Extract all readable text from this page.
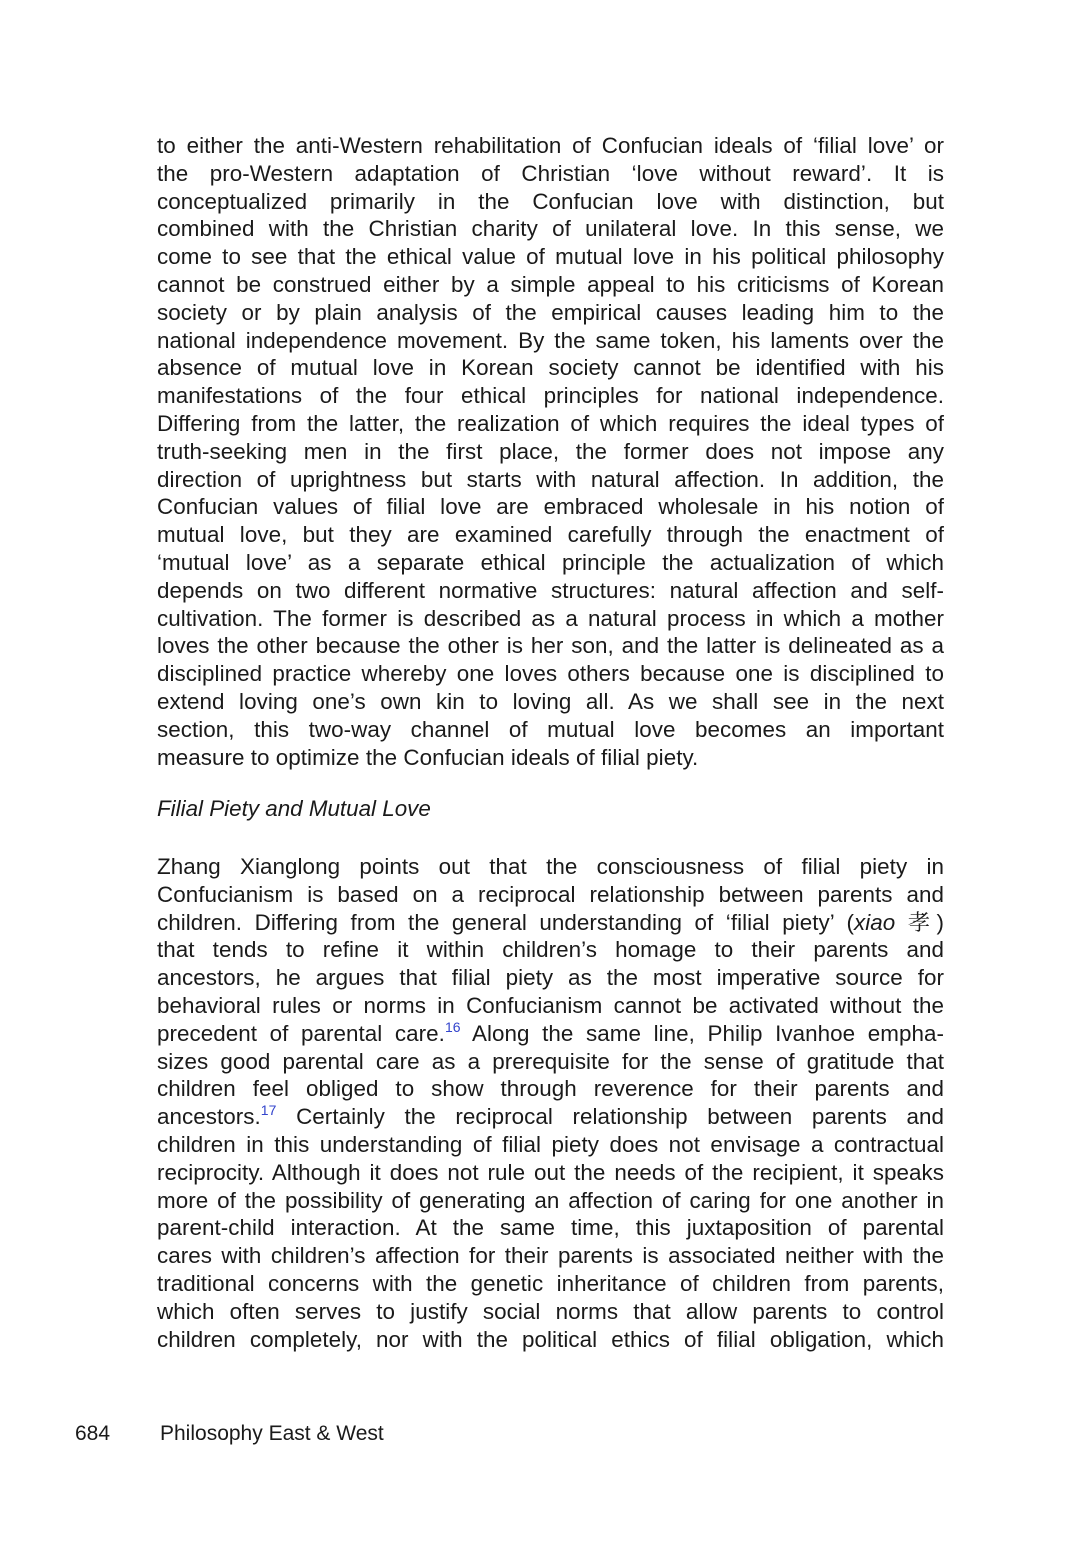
to either the anti-Western rehabilitation of Confucian ideals of ‘filial love’ or
the pro-Western adaptation of Christian ‘love without reward’. It is
conceptualized primarily in the Confucian love with distinction, but
combined with the Christian charity of unilateral love. In this sense, we
come to see that the ethical value of mutual love in his political philosophy
cannot be construed either by a simple appeal to his criticisms of Korean
society or by plain analysis of the empirical causes leading him to the
national independence movement. By the same token, his laments over the
absence of mutual love in Korean society cannot be identified with his
manifestations of the four ethical principles for national independence.
Differing from the latter, the realization of which requires the ideal types of
truth-seeking men in the first place, the former does not impose any
direction of uprightness but starts with natural affection. In addition, the
Confucian values of filial love are embraced wholesale in his notion of
mutual love, but they are examined carefully through the enactment of
‘mutual love’ as a separate ethical principle the actualization of which
depends on two different normative structures: natural affection and self-
cultivation. The former is described as a natural process in which a mother
loves the other because the other is her son, and the latter is delineated as a
disciplined practice whereby one loves others because one is disciplined to
extend loving one’s own kin to loving all. As we shall see in the next
section, this two-way channel of mutual love becomes an important
measure to optimize the Confucian ideals of filial piety.
Filial Piety and Mutual Love
Zhang Xianglong points out that the consciousness of filial piety in
Confucianism is based on a reciprocal relationship between parents and
children. Differing from the general understanding of ‘filial piety’ (xiao 孝)
that tends to refine it within children’s homage to their parents and
ancestors, he argues that filial piety as the most imperative source for
behavioral rules or norms in Confucianism cannot be activated without the
precedent of parental care.$^{16}$ Along the same line, Philip Ivanhoe empha-
sizes good parental care as a prerequisite for the sense of gratitude that
children feel obliged to show through reverence for their parents and
ancestors.$^{17}$ Certainly the reciprocal relationship between parents and
children in this understanding of filial piety does not envisage a contractual
reciprocity. Although it does not rule out the needs of the recipient, it speaks
more of the possibility of generating an affection of caring for one another in
parent-child interaction. At the same time, this juxtaposition of parental
cares with children’s affection for their parents is associated neither with the
traditional concerns with the genetic inheritance of children from parents,
which often serves to justify social norms that allow parents to control
children completely, nor with the political ethics of filial obligation, which
684 Philosophy East & West
